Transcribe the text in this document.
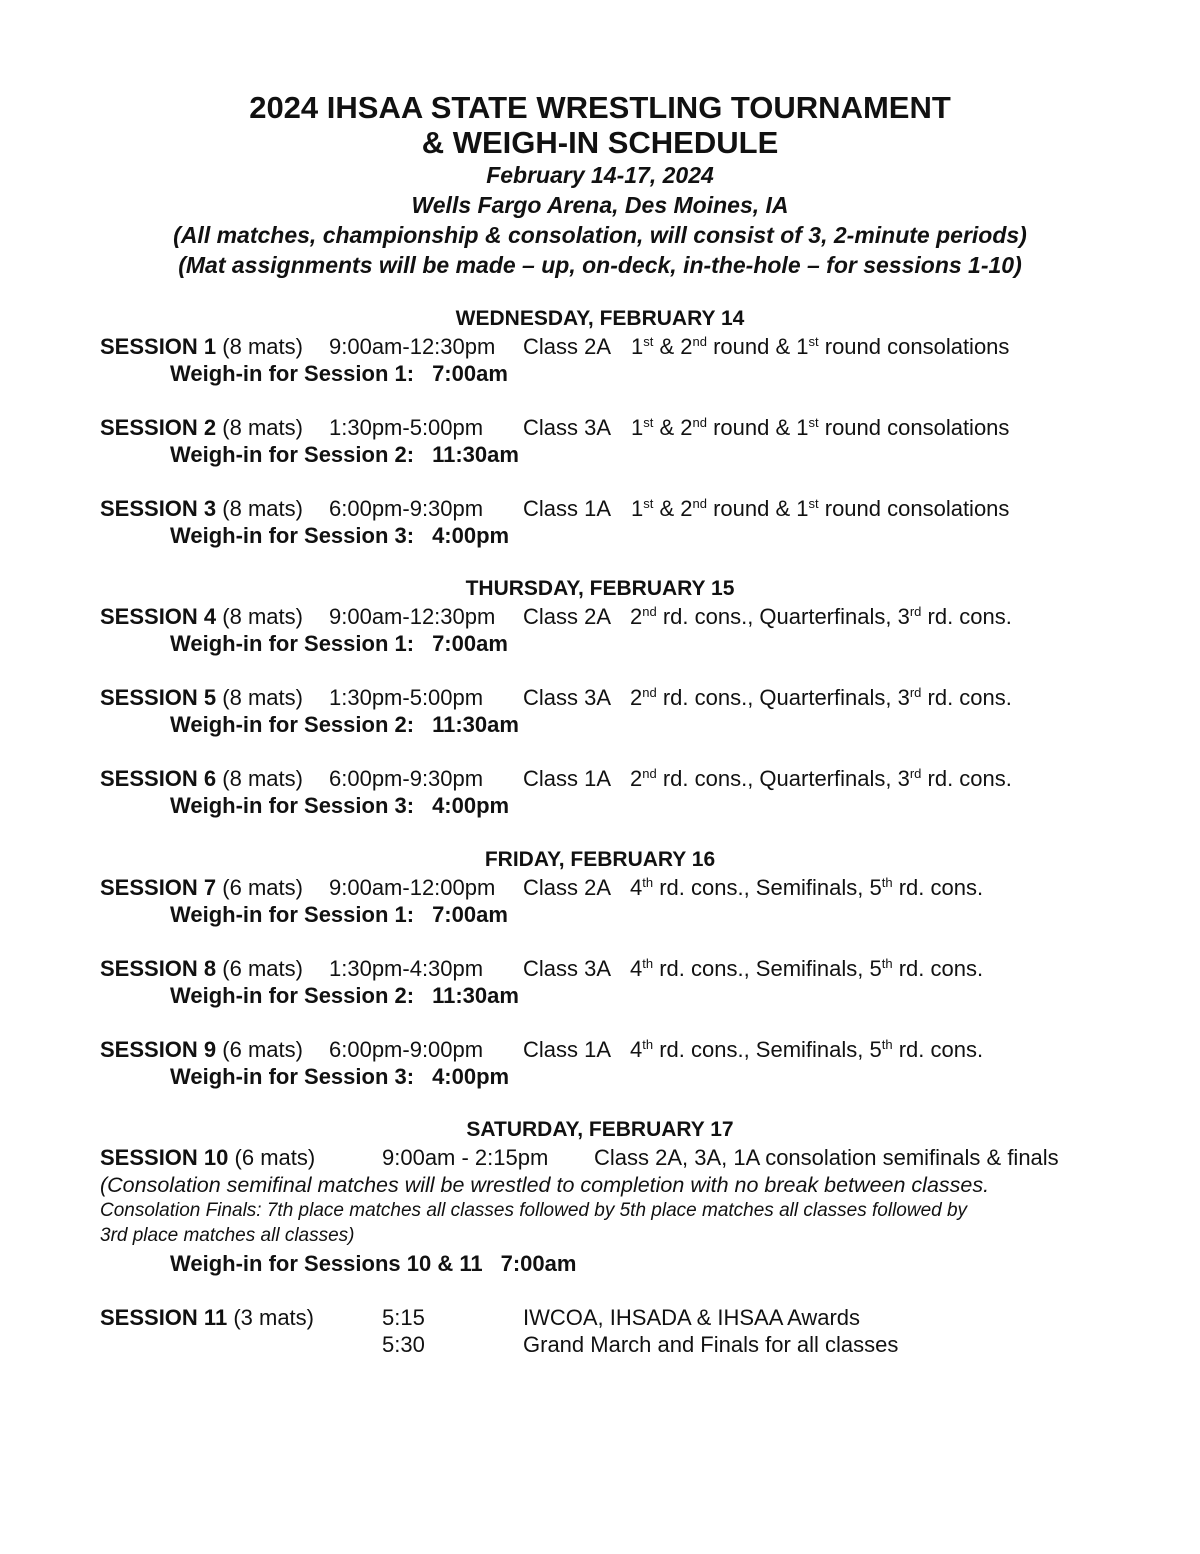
2024 IHSAA STATE WRESTLING TOURNAMENT
& WEIGH-IN SCHEDULE
February 14-17, 2024
Wells Fargo Arena, Des Moines, IA
(All matches, championship & consolation, will consist of 3, 2-minute periods)
(Mat assignments will be made – up, on-deck, in-the-hole – for sessions 1-10)
WEDNESDAY, FEBRUARY 14
SESSION 1 (8 mats) 9:00am-12:30pm Class 2A 1st & 2nd round & 1st round consolations
Weigh-in for Session 1: 7:00am
SESSION 2 (8 mats) 1:30pm-5:00pm Class 3A 1st & 2nd round & 1st round consolations
Weigh-in for Session 2: 11:30am
SESSION 3 (8 mats) 6:00pm-9:30pm Class 1A 1st & 2nd round & 1st round consolations
Weigh-in for Session 3: 4:00pm
THURSDAY, FEBRUARY 15
SESSION 4 (8 mats) 9:00am-12:30pm Class 2A 2nd rd. cons., Quarterfinals, 3rd rd. cons.
Weigh-in for Session 1: 7:00am
SESSION 5 (8 mats) 1:30pm-5:00pm Class 3A 2nd rd. cons., Quarterfinals, 3rd rd. cons.
Weigh-in for Session 2: 11:30am
SESSION 6 (8 mats) 6:00pm-9:30pm Class 1A 2nd rd. cons., Quarterfinals, 3rd rd. cons.
Weigh-in for Session 3: 4:00pm
FRIDAY, FEBRUARY 16
SESSION 7 (6 mats) 9:00am-12:00pm Class 2A 4th rd. cons., Semifinals, 5th rd. cons.
Weigh-in for Session 1: 7:00am
SESSION 8 (6 mats) 1:30pm-4:30pm Class 3A 4th rd. cons., Semifinals, 5th rd. cons.
Weigh-in for Session 2: 11:30am
SESSION 9 (6 mats) 6:00pm-9:00pm Class 1A 4th rd. cons., Semifinals, 5th rd. cons.
Weigh-in for Session 3: 4:00pm
SATURDAY, FEBRUARY 17
SESSION 10 (6 mats)	9:00am - 2:15pm Class 2A, 3A, 1A consolation semifinals & finals
(Consolation semifinal matches will be wrestled to completion with no break between classes.
Consolation Finals: 7th place matches all classes followed by 5th place matches all classes followed by
3rd place matches all classes)
Weigh-in for Sessions 10 & 11 7:00am
SESSION 11 (3 mats)	5:15	IWCOA, IHSADA & IHSAA Awards
5:30	Grand March and Finals for all classes
